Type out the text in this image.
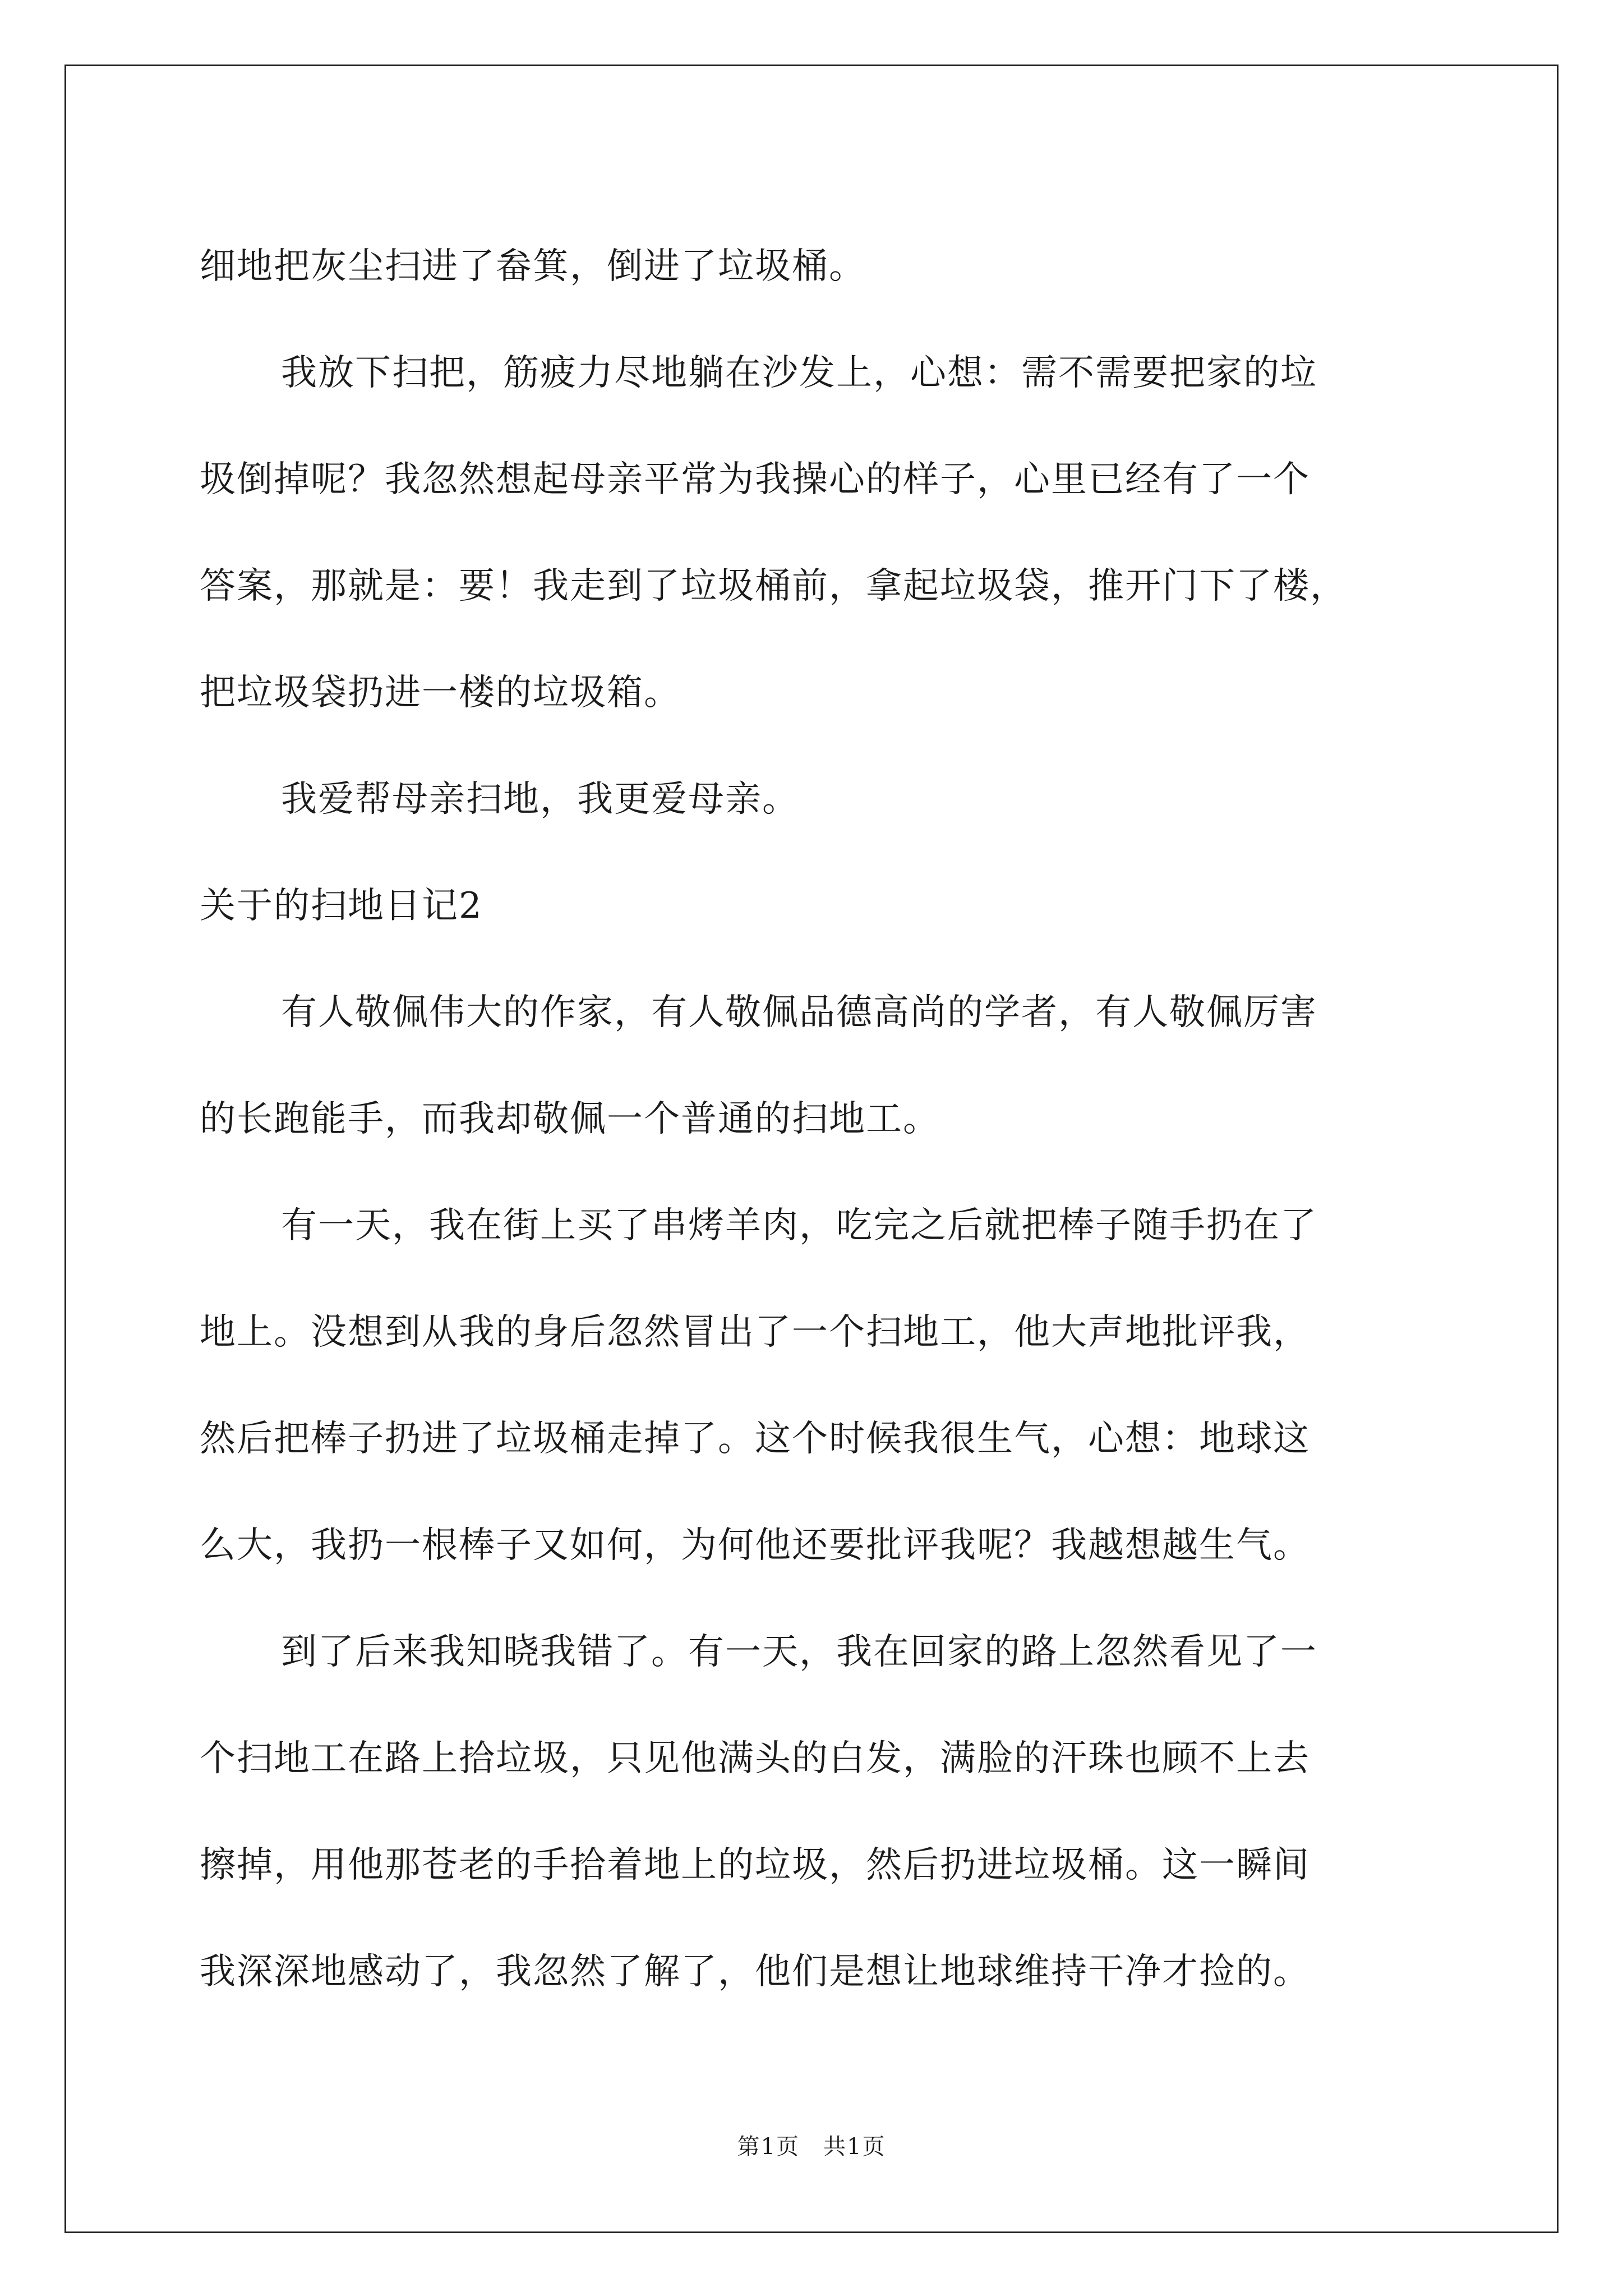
细地把灰尘扫进了畚箕，倒进了垃圾桶。
我放下扫把，筋疲力尽地躺在沙发上，心想：需不需要把家的垃
圾倒掉呢？我忽然想起母亲平常为我操心的样子，心里已经有了一个
答案，那就是：要！我走到了垃圾桶前，拿起垃圾袋，推开门下了楼，
把垃圾袋扔进一楼的垃圾箱。
我爱帮母亲扫地，我更爱母亲。
关于的扫地日记2
有人敬佩伟大的作家，有人敬佩品德高尚的学者，有人敬佩厉害
的长跑能手，而我却敬佩一个普通的扫地工。
有一天，我在街上买了串烤羊肉，吃完之后就把棒子随手扔在了
地上。没想到从我的身后忽然冒出了一个扫地工，他大声地批评我，
然后把棒子扔进了垃圾桶走掉了。这个时候我很生气，心想：地球这
么大，我扔一根棒子又如何，为何他还要批评我呢？我越想越生气。
到了后来我知晓我错了。有一天，我在回家的路上忽然看见了一
个扫地工在路上拾垃圾，只见他满头的白发，满脸的汗珠也顾不上去
擦掉，用他那苍老的手拾着地上的垃圾，然后扔进垃圾桶。这一瞬间
我深深地感动了，我忽然了解了，他们是想让地球维持干净才捡的。
第1页　共1页
